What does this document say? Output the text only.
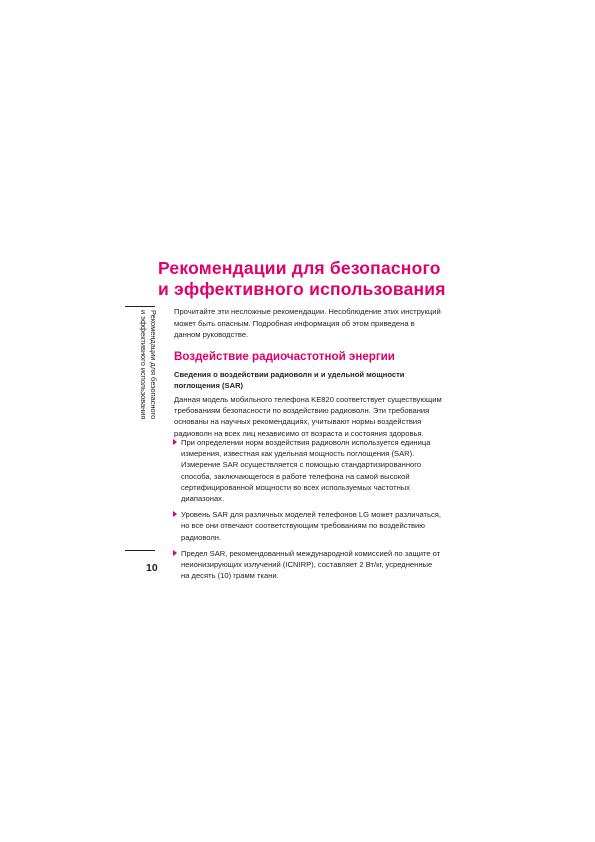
Рекомендации для безопасного
и эффективного использования
Рекомендации для безопасного
и эффективного использования
10

Прочитайте эти несложные рекомендации. Несоблюдение этих инструкций может быть опасным. Подробная информация об этом приведена в данном руководстве.

Воздействие радиочастотной энергии

Сведения о воздействии радиоволн и и удельной мощности поглощения (SAR)

Данная модель мобильного телефона KE820 соответствует существующим требованиям безопасности по воздействию радиоволн. Эти требования основаны на научных рекомендациях, учитывают нормы воздействия радиоволн на всех лиц независимо от возраста и состояния здоровья.

При определении норм воздействия радиоволн используется единица измерения, известная как удельная мощность поглощения (SAR). Измерение SAR осуществляется с помощью стандартизированного способа, заключающегося в работе телефона на самой высокой сертифицированной мощности во всех используемых частотных диапазонах.
Уровень SAR для различных моделей телефонов LG может различаться, но все они отвечают соответствующим требованиям по воздействию радиоволн.
Предел SAR, рекомендованный международной комиссией по защите от неионизирующих излучений (ICNIRP), составляет 2 Вт/кг, усредненные на десять (10) грамм ткани.
